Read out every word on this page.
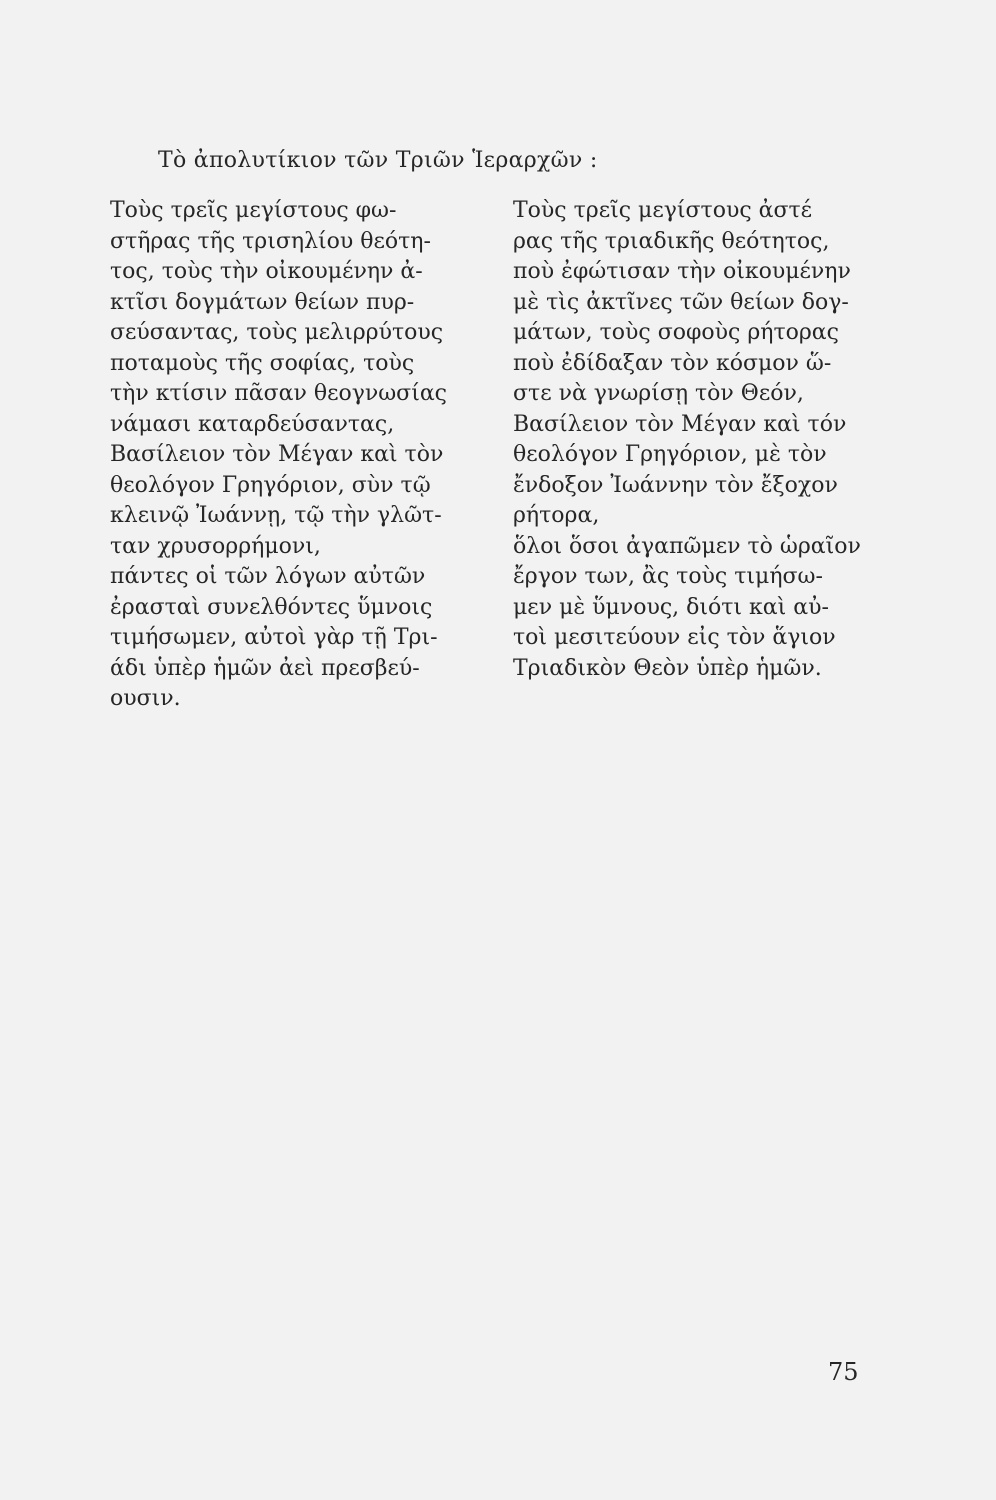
Τὸ ἀπολυτίκιον τῶν Τριῶν Ἱεραρχῶν :
Τοὺς τρεῖς μεγίστους φω-
στῆρας τῆς τρισηλίου θεότη-
τος, τοὺς τὴν οἰκουμένην ἀ-
κτῖσι δογμάτων θείων πυρ-
σεύσαντας, τοὺς μελιρρύτους
ποταμοὺς τῆς σοφίας, τοὺς
τὴν κτίσιν πᾶσαν θεογνωσίας
νάμασι καταρδεύσαντας,
Βασίλειον τὸν Μέγαν καὶ τὸν
θεολόγον Γρηγόριον, σὺν τῷ
κλεινῷ Ἰωάννῃ, τῷ τὴν γλῶτ-
ταν χρυσορρήμονι,
πάντες οἱ τῶν λόγων αὐτῶν
ἐρασταὶ συνελθόντες ὕμνοις
τιμήσωμεν, αὐτοὶ γὰρ τῇ Τρι-
άδι ὑπὲρ ἡμῶν ἀεὶ πρεσβεύ-
ουσιν.
Τοὺς τρεῖς μεγίστους ἀστέ
ρας τῆς τριαδικῆς θεότητος,
ποὺ ἐφώτισαν τὴν οἰκουμένην
μὲ τὶς ἀκτῖνες τῶν θείων δογ-
μάτων, τοὺς σοφοὺς ρήτορας
ποὺ ἐδίδαξαν τὸν κόσμον ὥ-
στε νὰ γνωρίσῃ τὸν Θεόν,
Βασίλειον τὸν Μέγαν καὶ τόν
θεολόγον Γρηγόριον, μὲ τὸν
ἔνδοξον Ἰωάννην τὸν ἔξοχον
ρήτορα,
ὅλοι ὅσοι ἀγαπῶμεν τὸ ὡραῖον
ἔργον των, ἂς τοὺς τιμήσω-
μεν μὲ ὕμνους, διότι καὶ αὐ-
τοὶ μεσιτεύουν εἰς τὸν ἅγιον
Τριαδικὸν Θεὸν ὑπὲρ ἡμῶν.
75
